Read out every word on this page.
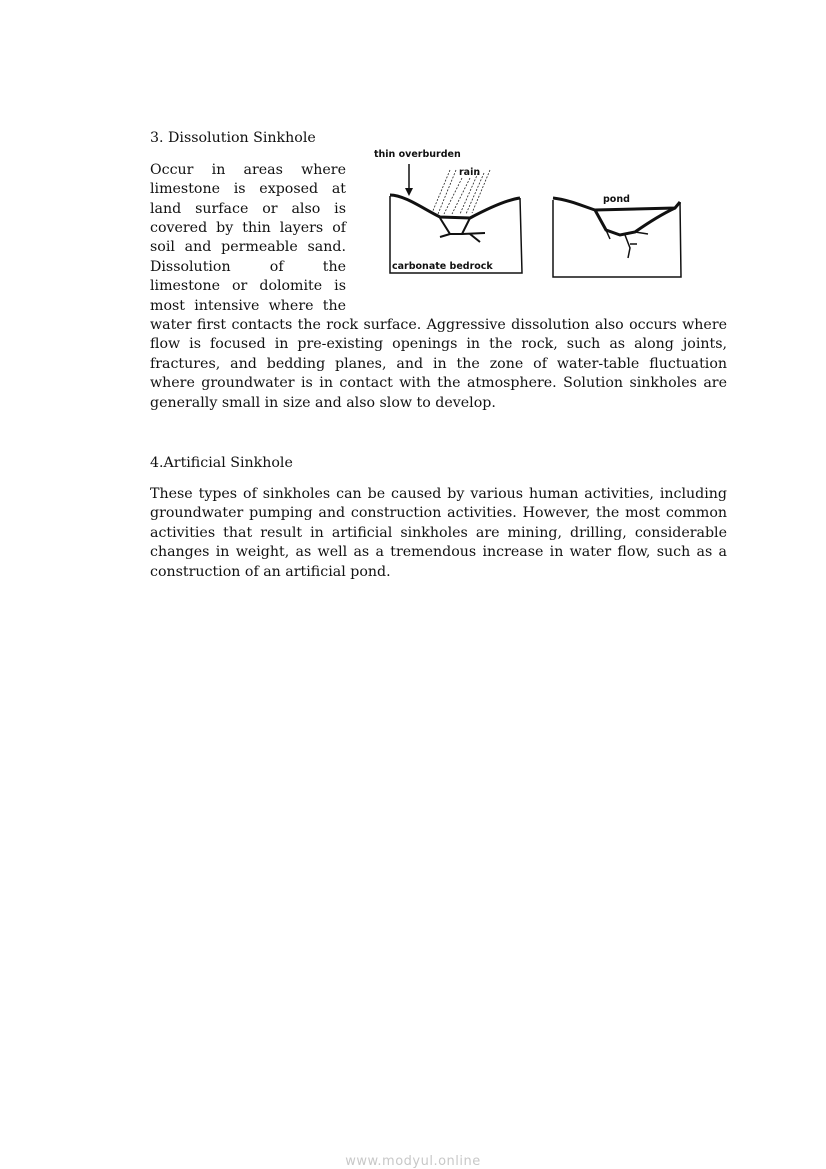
3. Dissolution Sinkhole
Occur in areas where
limestone is exposed at
land surface or also is
covered by thin layers of
soil and permeable sand.
Dissolution of the
limestone or dolomite is
most intensive where the
water first contacts the rock surface. Aggressive dissolution also occurs where
flow is focused in pre-existing openings in the rock, such as along joints,
fractures, and bedding planes, and in the zone of water-table fluctuation
where groundwater is in contact with the atmosphere. Solution sinkholes are
generally small in size and also slow to develop.
thin overburden
rain
carbonate bedrock
pond
4.Artificial Sinkhole
These types of sinkholes can be caused by various human activities, including
groundwater pumping and construction activities. However, the most common
activities that result in artificial sinkholes are mining, drilling, considerable
changes in weight, as well as a tremendous increase in water flow, such as a
construction of an artificial pond.
www.modyul.online
